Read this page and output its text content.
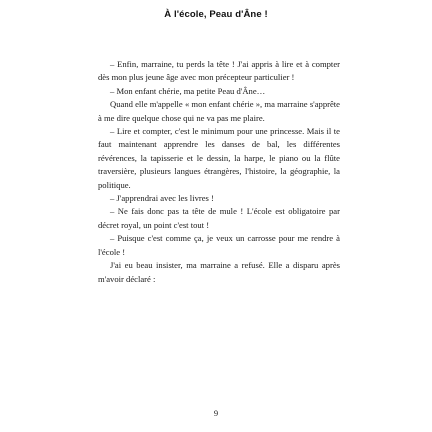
À l'école, Peau d'Âne !

– Enfin, marraine, tu perds la tête ! J'ai appris à lire et à compter dès mon plus jeune âge avec mon précepteur particulier !

– Mon enfant chérie, ma petite Peau d'Âne…

Quand elle m'appelle « mon enfant chérie », ma marraine s'apprête à me dire quelque chose qui ne va pas me plaire.

– Lire et compter, c'est le minimum pour une princesse. Mais il te faut maintenant apprendre les danses de bal, les différentes révérences, la tapisserie et le dessin, la harpe, le piano ou la flûte traversière, plusieurs langues étrangères, l'histoire, la géographie, la politique.

– J'apprendrai avec les livres !

– Ne fais donc pas ta tête de mule ! L'école est obligatoire par décret royal, un point c'est tout !

– Puisque c'est comme ça, je veux un carrosse pour me rendre à l'école !

J'ai eu beau insister, ma marraine a refusé. Elle a disparu après m'avoir déclaré :

9
